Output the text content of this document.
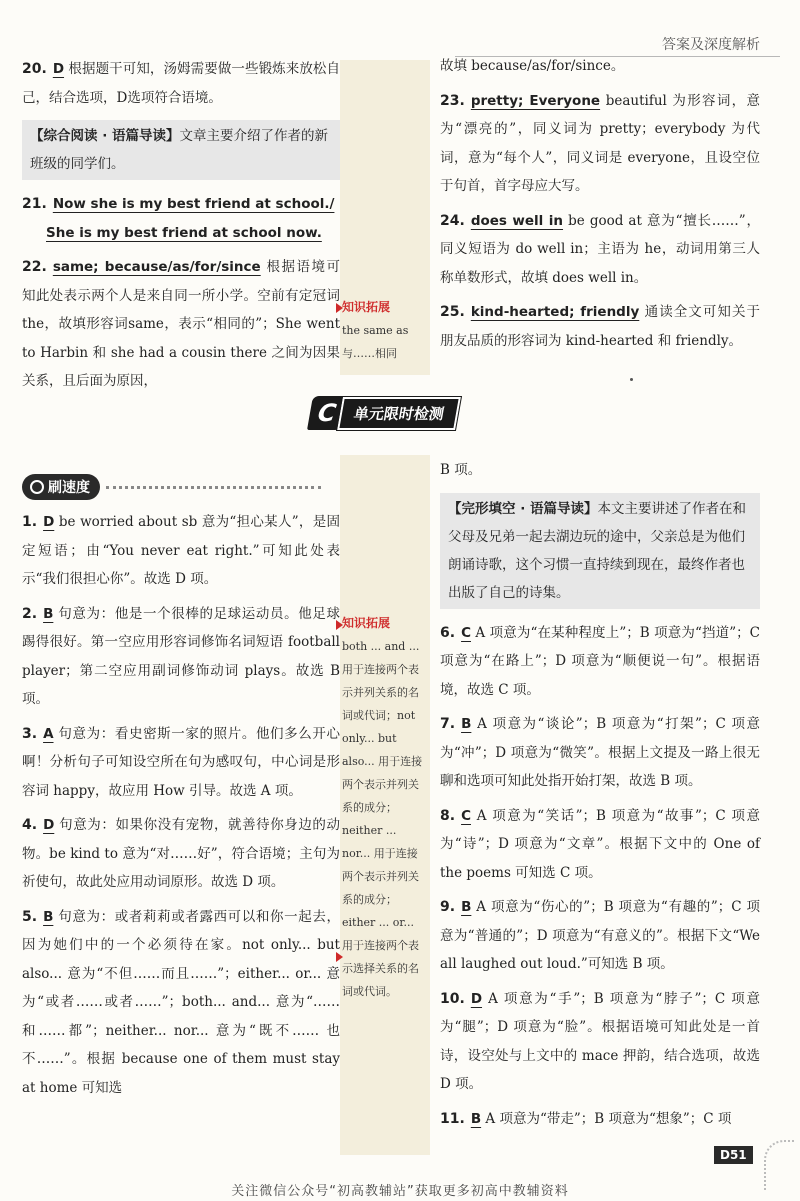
答案及深度解析
20. D 根据题干可知，汤姆需要做一些锻炼来放松自己，结合选项，D选项符合语境。
【综合阅读 · 语篇导读】文章主要介绍了作者的新班级的同学们。
21. Now she is my best friend at school./
She is my best friend at school now.
22. same; because/as/for/since 根据语境可知此处表示两个人是来自同一所小学。空前有定冠词 the，故填形容词same，表示“相同的”；She went to Harbin 和 she had a cousin there 之间为因果关系，且后面为原因，
知识拓展
the same as 与……相同
故填 because/as/for/since。
23. pretty; Everyone beautiful 为形容词，意为“漂亮的”，同义词为 pretty；everybody 为代词，意为“每个人”，同义词是 everyone，且设空位于句首，首字母应大写。
24. does well in be good at 意为“擅长……”，同义短语为 do well in；主语为 he，动词用第三人称单数形式，故填 does well in。
25. kind-hearted; friendly 通读全文可知关于朋友品质的形容词为 kind-hearted 和 friendly。
C 单元限时检测
刷速度
1. D be worried about sb 意为“担心某人”，是固定短语；由“You never eat right.”可知此处表示“我们很担心你”。故选 D 项。
2. B 句意为：他是一个很棒的足球运动员。他足球踢得很好。第一空应用形容词修饰名词短语 football player；第二空应用副词修饰动词 plays。故选 B 项。
3. A 句意为：看史密斯一家的照片。他们多么开心啊！分析句子可知设空所在句为感叹句，中心词是形容词 happy，故应用 How 引导。故选 A 项。
4. D 句意为：如果你没有宠物，就善待你身边的动物。be kind to 意为“对……好”，符合语境；主句为祈使句，故此处应用动词原形。故选 D 项。
5. B 句意为：或者莉莉或者露西可以和你一起去，因为她们中的一个必须待在家。not only... but also... 意为“不但……而且……”；either... or... 意为“或者……或者……”；both... and... 意为“……和……都”；neither... nor... 意为“既不…… 也不……”。根据 because one of them must stay at home 可知选
知识拓展
both ... and ... 用于连接两个表示并列关系的名词或代词；not only... but also... 用于连接两个表示并列关系的成分；neither ... nor... 用于连接两个表示并列关系的成分；either ... or... 用于连接两个表示选择关系的名词或代词。
B 项。
【完形填空 · 语篇导读】本文主要讲述了作者在和父母及兄弟一起去湖边玩的途中，父亲总是为他们朗诵诗歌，这个习惯一直持续到现在，最终作者也出版了自己的诗集。
6. C A 项意为“在某种程度上”；B 项意为“挡道”；C 项意为“在路上”；D 项意为“顺便说一句”。根据语境，故选 C 项。
7. B A 项意为“谈论”；B 项意为“打架”；C 项意为“冲”；D 项意为“微笑”。根据上文提及一路上很无聊和选项可知此处指开始打架，故选 B 项。
8. C A 项意为“笑话”；B 项意为“故事”；C 项意为“诗”；D 项意为“文章”。根据下文中的 One of the poems 可知选 C 项。
9. B A 项意为“伤心的”；B 项意为“有趣的”；C 项意为“普通的”；D 项意为“有意义的”。根据下文“We all laughed out loud.”可知选 B 项。
10. D A 项意为“手”；B 项意为“脖子”；C 项意为“腿”；D 项意为“脸”。根据语境可知此处是一首诗，设空处与上文中的 mace 押韵，结合选项，故选 D 项。
11. B A 项意为“带走”；B 项意为“想象”；C 项
D51
关注微信公众号“初高教辅站”获取更多初高中教辅资料
